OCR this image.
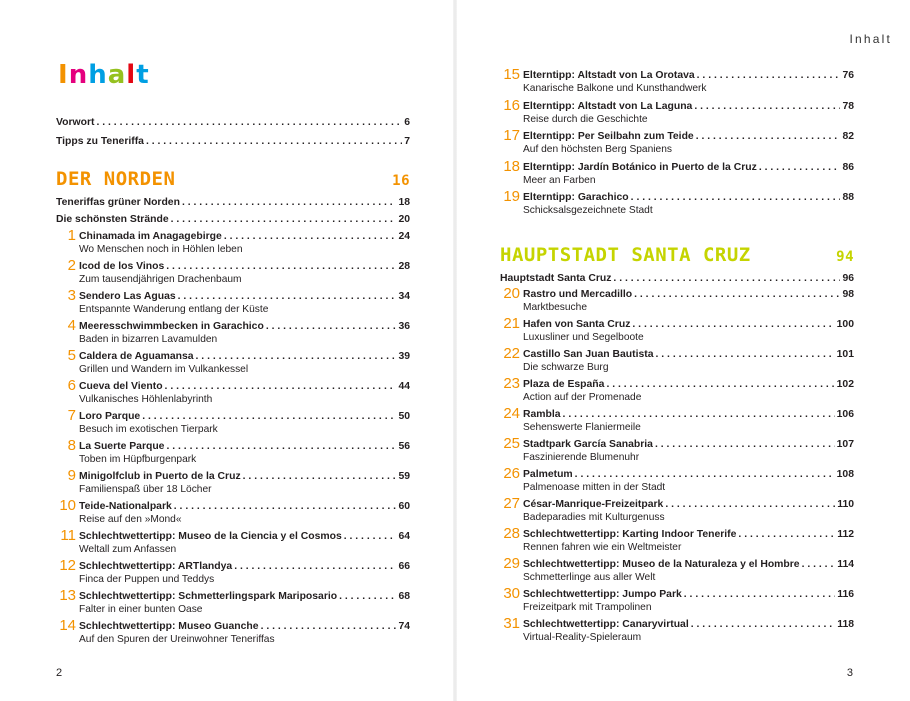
Inhalt
Vorwort . . .	6
Tipps zu Teneriffa . . .	7
DER NORDEN	16
Teneriffas grüner Norden . . .	18
Die schönsten Strände . . .	20
1 Chinamada im Anagagebirge . . .	24
Wo Menschen noch in Höhlen leben
2 Icod de los Vinos . . .	28
Zum tausendjährigen Drachenbaum
3 Sendero Las Aguas . . .	34
Entspannte Wanderung entlang der Küste
4 Meeresschwimmbecken in Garachico . . .	36
Baden in bizarren Lavamulden
5 Caldera de Aguamansa . . .	39
Grillen und Wandern im Vulkankessel
6 Cueva del Viento . . .	44
Vulkanisches Höhlenlabyrinth
7 Loro Parque . . .	50
Besuch im exotischen Tierpark
8 La Suerte Parque . . .	56
Toben im Hüpfburgenpark
9 Minigolfclub in Puerto de la Cruz . . .	59
Familienspaß über 18 Löcher
10 Teide-Nationalpark . . .	60
Reise auf den »Mond«
11 Schlechtwettertipp: Museo de la Ciencia y el Cosmos . . .	64
Weltall zum Anfassen
12 Schlechtwettertipp: ARTlandya . . .	66
Finca der Puppen und Teddys
13 Schlechtwettertipp: Schmetterlingspark Mariposario . . .	68
Falter in einer bunten Oase
14 Schlechtwettertipp: Museo Guanche . . .	74
Auf den Spuren der Ureinwohner Teneriffas
2
Inhalt
15 Elterntipp: Altstadt von La Orotava . . .	76
Kanarische Balkone und Kunsthandwerk
16 Elterntipp: Altstadt von La Laguna . . .	78
Reise durch die Geschichte
17 Elterntipp: Per Seilbahn zum Teide . . .	82
Auf den höchsten Berg Spaniens
18 Elterntipp: Jardín Botánico in Puerto de la Cruz . . .	86
Meer an Farben
19 Elterntipp: Garachico . . .	88
Schicksalsgezeichnete Stadt
HAUPTSTADT SANTA CRUZ	94
Hauptstadt Santa Cruz . . .	96
20 Rastro und Mercadillo . . .	98
Marktbesuche
21 Hafen von Santa Cruz . . .	100
Luxusliner und Segelboote
22 Castillo San Juan Bautista . . .	101
Die schwarze Burg
23 Plaza de España . . .	102
Action auf der Promenade
24 Rambla . . .	106
Sehenswerte Flaniermeile
25 Stadtpark García Sanabria . . .	107
Faszinierende Blumenuhr
26 Palmetum . . .	108
Palmenoase mitten in der Stadt
27 César-Manrique-Freizeitpark . . .	110
Badeparadies mit Kulturgenuss
28 Schlechtwettertipp: Karting Indoor Tenerife . . .	112
Rennen fahren wie ein Weltmeister
29 Schlechtwettertipp: Museo de la Naturaleza y el Hombre . . .	114
Schmetterlinge aus aller Welt
30 Schlechtwettertipp: Jumpo Park . . .	116
Freizeitpark mit Trampolinen
31 Schlechtwettertipp: Canaryvirtual . . .	118
Virtual-Reality-Spieleraum
3
